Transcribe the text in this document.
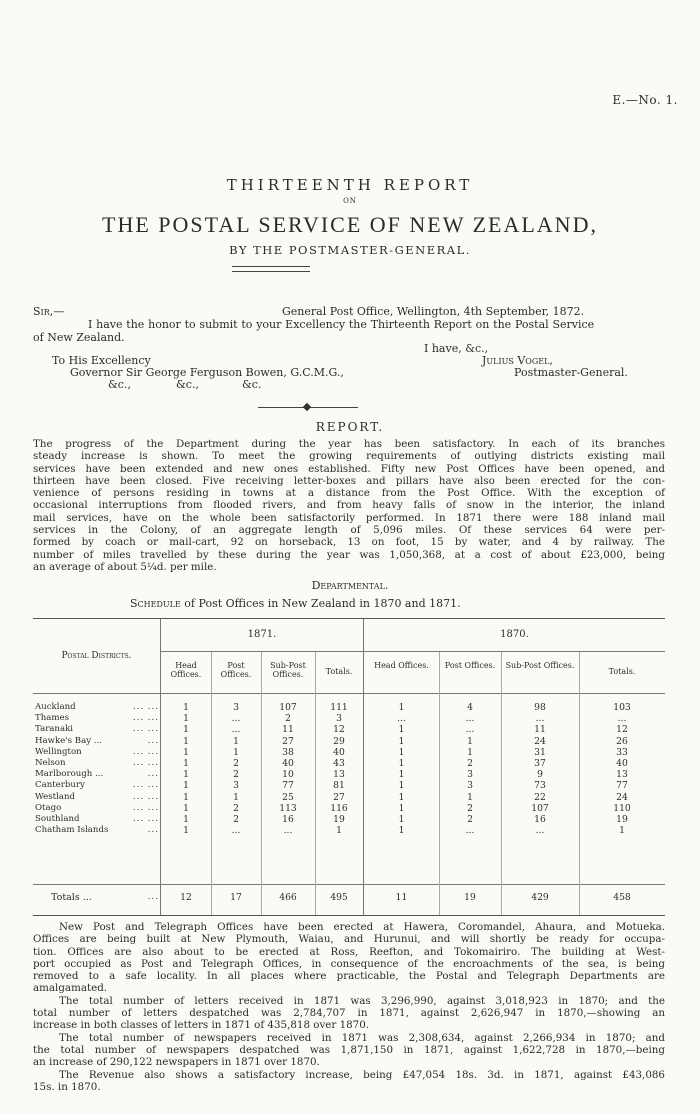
E.—No. 1.
THIRTEENTH REPORT
ON
THE POSTAL SERVICE OF NEW ZEALAND,
BY THE POSTMASTER-GENERAL.
Sir,—	General Post Office, Wellington, 4th September, 1872.
I have the honor to submit to your Excellency the Thirteenth Report on the Postal Service
of New Zealand.
I have, &c.,
To His Excellency	Julius Vogel,
Governor Sir George Ferguson Bowen, G.C.M.G.,	Postmaster-General.
&c.,	&c.,	&c.
REPORT.
The progress of the Department during the year has been satisfactory. In each of its branches
steady increase is shown. To meet the growing requirements of outlying districts existing mail
services have been extended and new ones established. Fifty new Post Offices have been opened, and
thirteen have been closed. Five receiving letter-boxes and pillars have also been erected for the con-
venience of persons residing in towns at a distance from the Post Office. With the exception of
occasional interruptions from flooded rivers, and from heavy falls of snow in the interior, the inland
mail services, have on the whole been satisfactorily performed. In 1871 there were 188 inland mail
services in the Colony, of an aggregate length of 5,096 miles. Of these services 64 were per-
formed by coach or mail-cart, 92 on horseback, 13 on foot, 15 by water, and 4 by railway. The
number of miles travelled by these during the year was 1,050,368, at a cost of about £23,000, being
an average of about 5¼d. per mile.
Departmental.
Schedule of Post Offices in New Zealand in 1870 and 1871.
Postal Districts.
1871.	1870.
Head Offices.
Head Offices.
Post Offices.
Post Offices.
Sub-Post Offices.
Sub-Post Offices.
Totals.	Totals.
Auckland	... ...	1	3	107	111	1	4	98	103
Thames	... ...	1	...	2	3	...	...	...	...
Taranaki	... ...	1	...	11	12	1	...	11	12
Hawke's Bay ...	...	1	1	27	29	1	1	24	26
Wellington	... ...	1	1	38	40	1	1	31	33
Nelson	... ...	1	2	40	43	1	2	37	40
Marlborough ...	...	1	2	10	13	1	3	9	13
Canterbury	... ...	1	3	77	81	1	3	73	77
Westland	... ...	1	1	25	27	1	1	22	24
Otago	... ...	1	2	113	116	1	2	107	110
Southland	... ...	1	2	16	19	1	2	16	19
Chatham Islands	...	1	...	...	1	1	...	...	1
Totals ...	...	12	17	466	495	11	19	429	458
New Post and Telegraph Offices have been erected at Hawera, Coromandel, Ahaura, and Motueka.
Offices are being built at New Plymouth, Waiau, and Hurunui, and will shortly be ready for occupa-
tion. Offices are also about to be erected at Ross, Reefton, and Tokomairiro. The building at West-
port occupied as Post and Telegraph Offices, in consequence of the encroachments of the sea, is being
removed to a safe locality. In all places where practicable, the Postal and Telegraph Departments are
amalgamated.
The total number of letters received in 1871 was 3,296,990, against 3,018,923 in 1870; and the
total number of letters despatched was 2,784,707 in 1871, against 2,626,947 in 1870,—showing an
increase in both classes of letters in 1871 of 435,818 over 1870.
The total number of newspapers received in 1871 was 2,308,634, against 2,266,934 in 1870; and
the total number of newspapers despatched was 1,871,150 in 1871, against 1,622,728 in 1870,—being
an increase of 290,122 newspapers in 1871 over 1870.
The Revenue also shows a satisfactory increase, being £47,054 18s. 3d. in 1871, against £43,086
15s. in 1870.
